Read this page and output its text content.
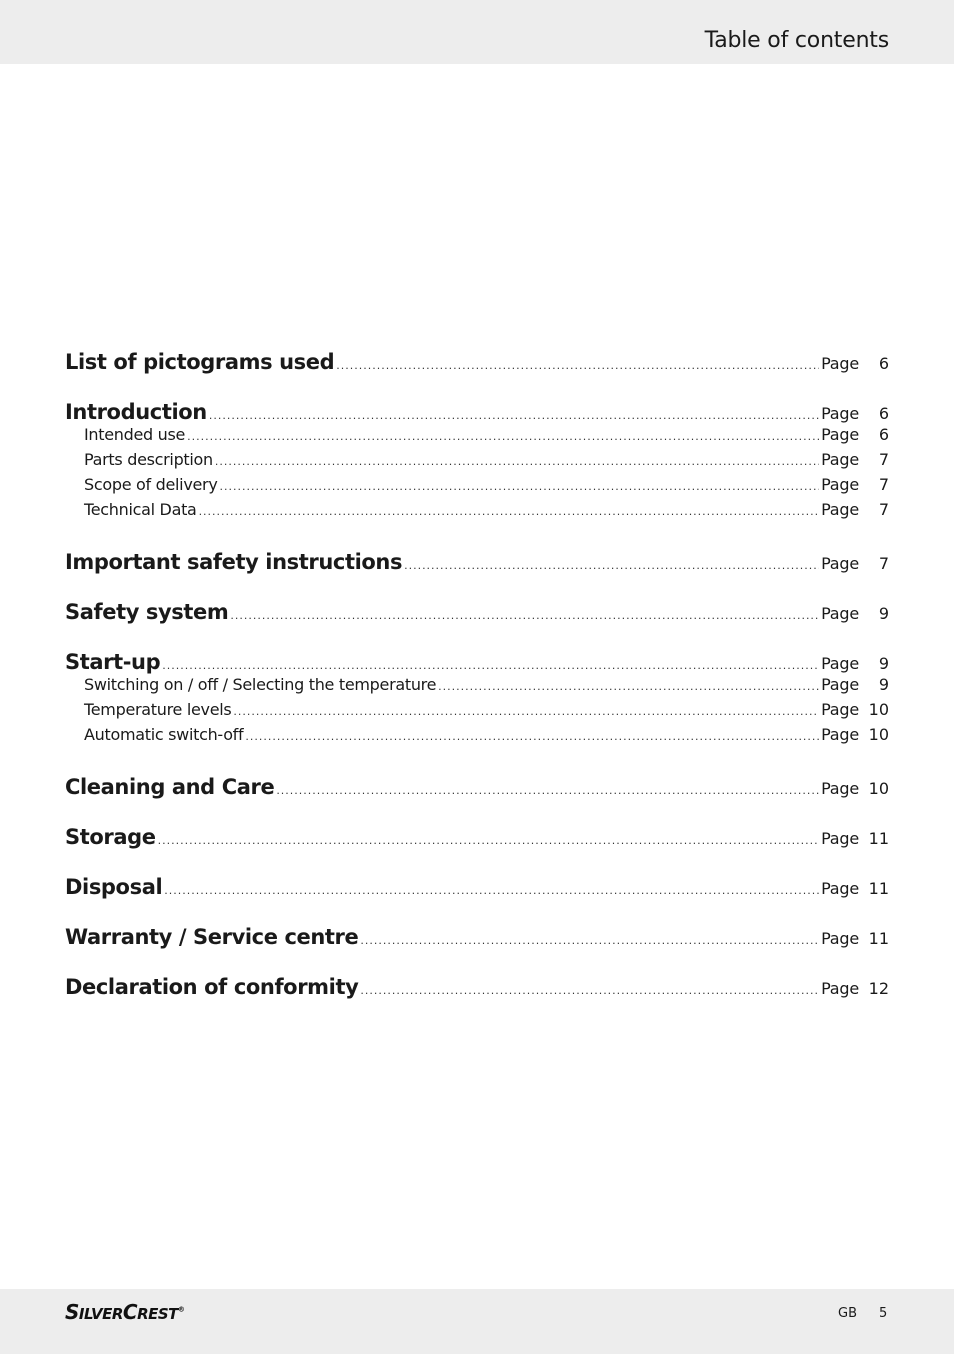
Table of contents
List of pictograms used .....	Page	6
Introduction .....	Page	6
Intended use .....	Page	6
Parts description .....	Page	7
Scope of delivery .....	Page	7
Technical Data .....	Page	7
Important safety instructions .....	Page	7
Safety system .....	Page	9
Start-up .....	Page	9
Switching on / off / Selecting the temperature .....	Page	9
Temperature levels .....	Page 10
Automatic switch-off .....	Page 10
Cleaning and Care .....	Page 10
Storage .....	Page 11
Disposal .....	Page 11
Warranty / Service centre .....	Page 11
Declaration of conformity .....	Page 12
SILVERCREST®	GB 5
